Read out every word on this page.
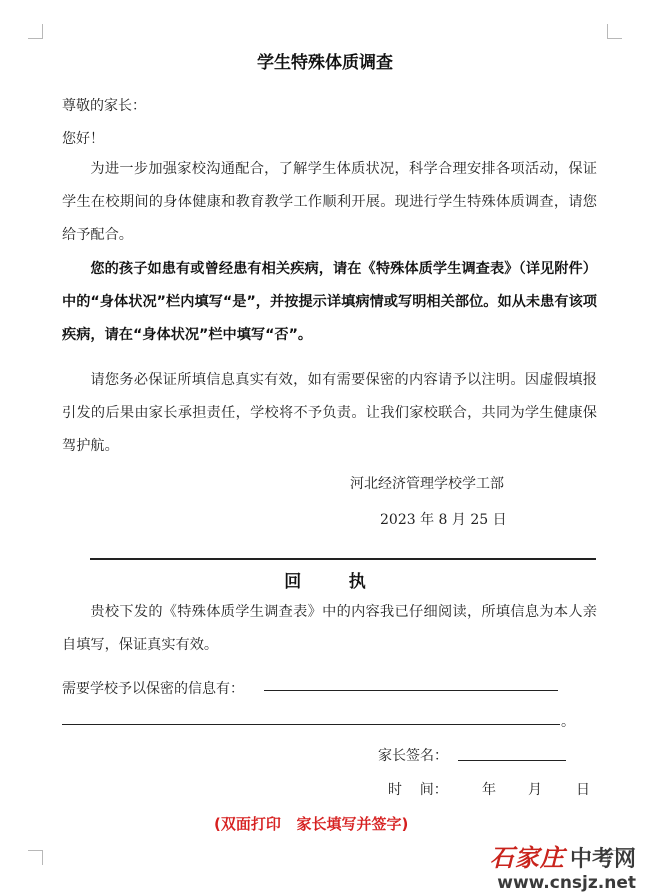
学生特殊体质调查
尊敬的家长：
您好！

为进一步加强家校沟通配合，了解学生体质状况，科学合理安排各项活动，保证学生在校期间的身体健康和教育教学工作顺利开展。现进行学生特殊体质调查，请您给予配合。

您的孩子如患有或曾经患有相关疾病，请在《特殊体质学生调查表》（详见附件）中的“身体状况”栏内填写“是”，并按提示详填病情或写明相关部位。如从未患有该项疾病，请在“身体状况”栏中填写“否”。

请您务必保证所填信息真实有效，如有需要保密的内容请予以注明。因虚假填报引发的后果由家长承担责任，学校将不予负责。让我们家校联合，共同为学生健康保驾护航。

河北经济管理学校学工部
2023 年 8 月 25 日
回执

贵校下发的《特殊体质学生调查表》中的内容我已仔细阅读，所填信息为本人亲自填写，保证真实有效。

需要学校予以保密的信息有：
。
家长签名：
时    间： 年 月 日
(双面打印   家长填写并签字)
石家庄 中考网
www.cnsjz.net
